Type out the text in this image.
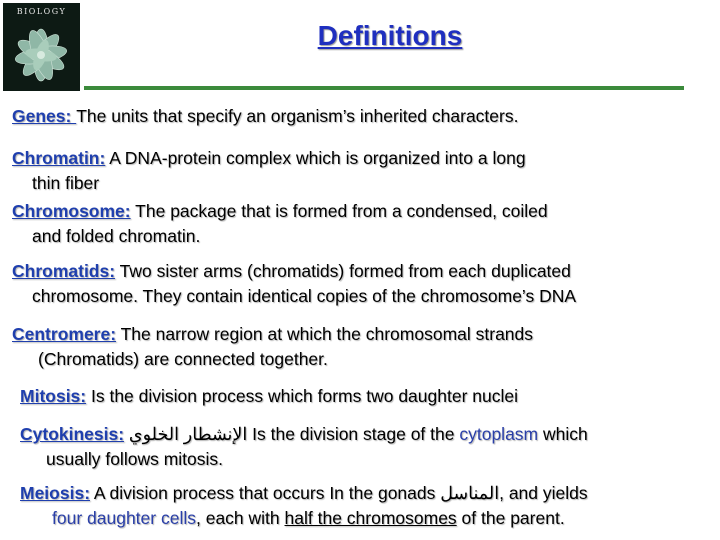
BIOLOGY
Definitions
Genes: The units that specify an organism’s inherited characters.
Chromatin: A DNA-protein complex which is organized into a long
thin fiber
Chromosome: The package that is formed from a condensed, coiled
and folded chromatin.
Chromatids: Two sister arms (chromatids) formed from each duplicated
chromosome. They contain identical copies of the chromosome’s DNA
Centromere: The narrow region at which the chromosomal strands
(Chromatids) are connected together.
Mitosis: Is the division process which forms two daughter nuclei
Cytokinesis: الإنشطار الخلوي Is the division stage of the cytoplasm which
usually follows mitosis.
Meiosis: A division process that occurs In the gonads المناسل, and yields
four daughter cells, each with half the chromosomes of the parent.
